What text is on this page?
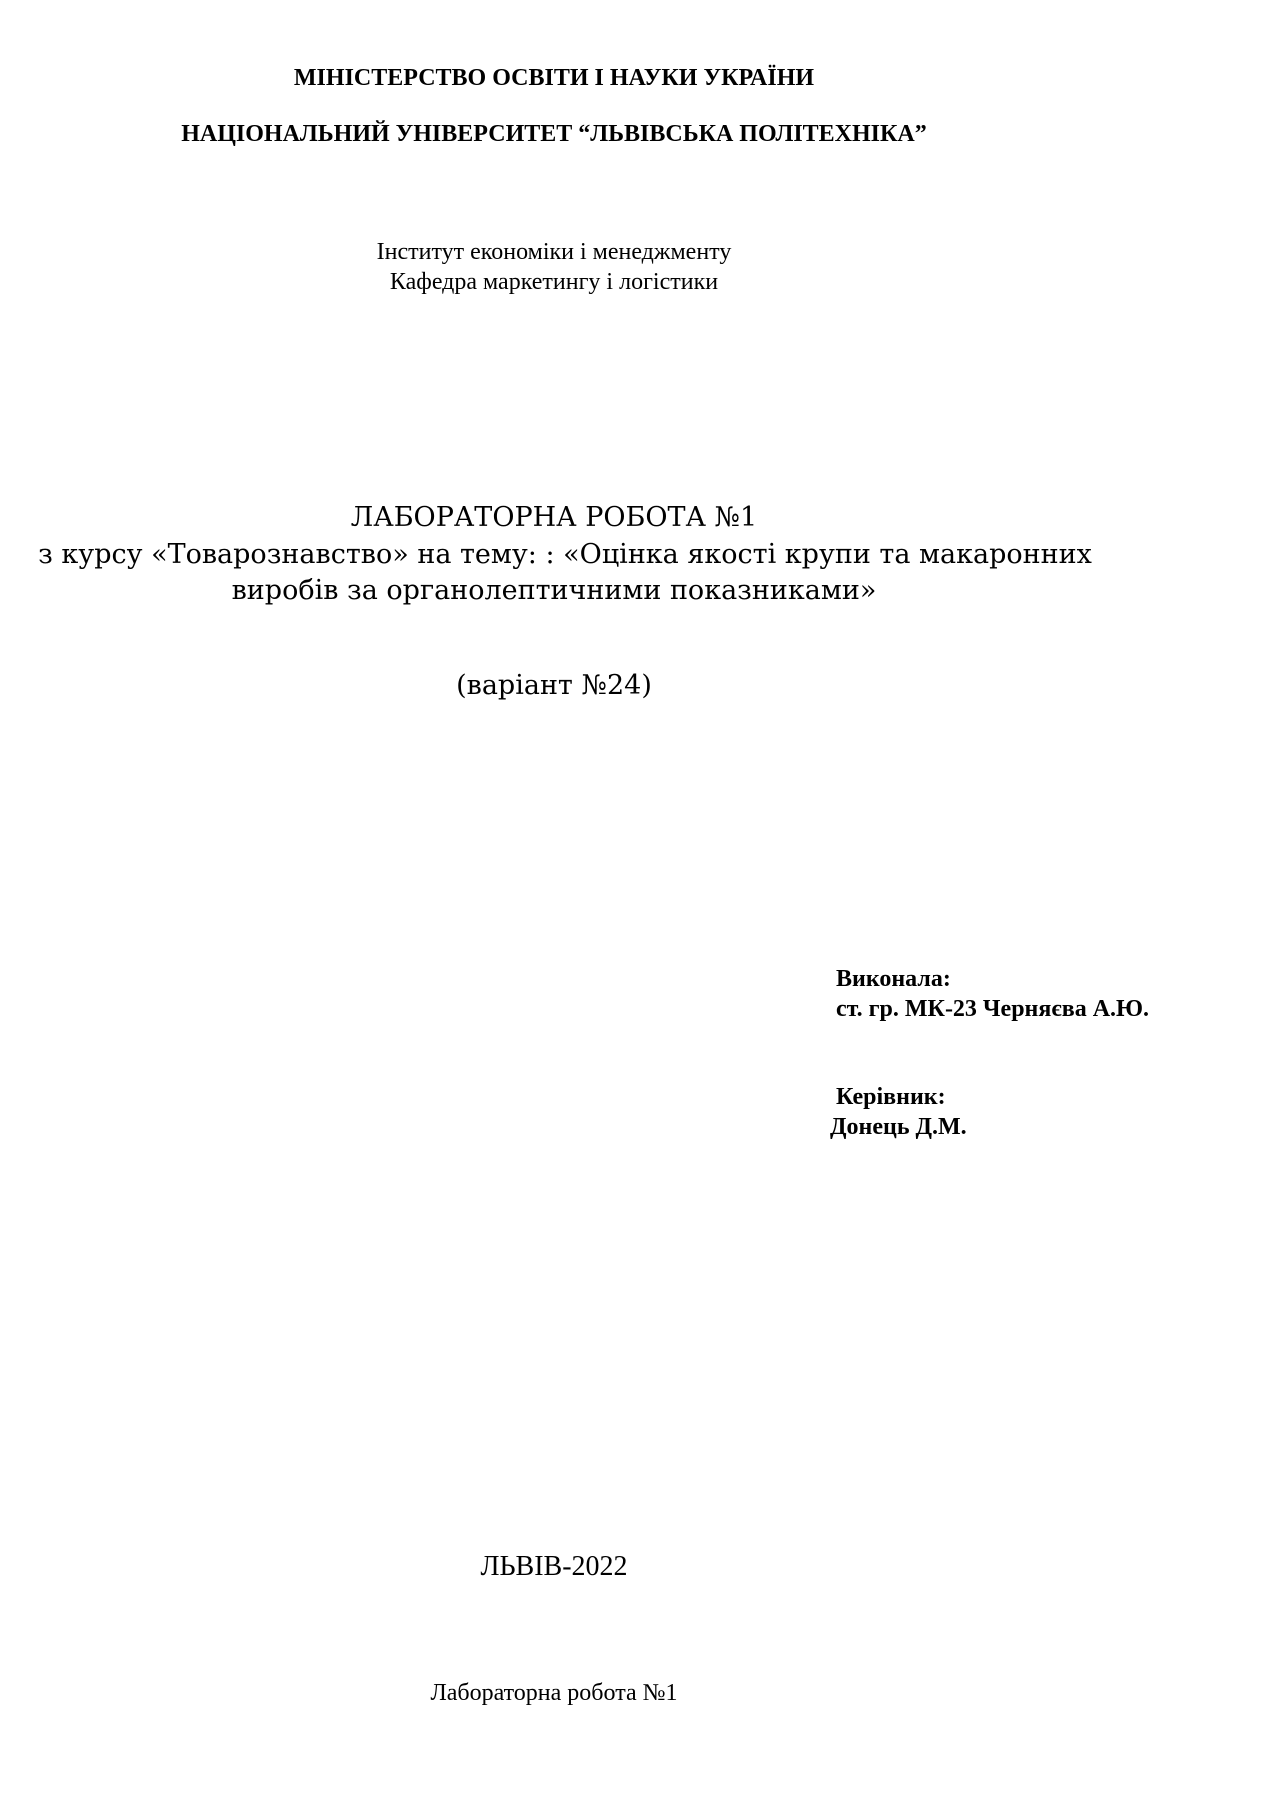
МІНІСТЕРСТВО ОСВІТИ І НАУКИ УКРАЇНИ
НАЦІОНАЛЬНИЙ УНІВЕРСИТЕТ “ЛЬВІВСЬКА ПОЛІТЕХНІКА”
Інститут економіки і менеджменту
Кафедра маркетингу і логістики
ЛАБОРАТОРНА РОБОТА №1
з курсу «Товарознавство» на тему: : «Оцінка якості крупи та макаронних
виробів за органолептичними показниками»
(варіант №24)
Виконала:
ст. гр. МК-23 Черняєва А.Ю.
Керівник:
Донець Д.М.
ЛЬВІВ-2022
Лабораторна робота №1
